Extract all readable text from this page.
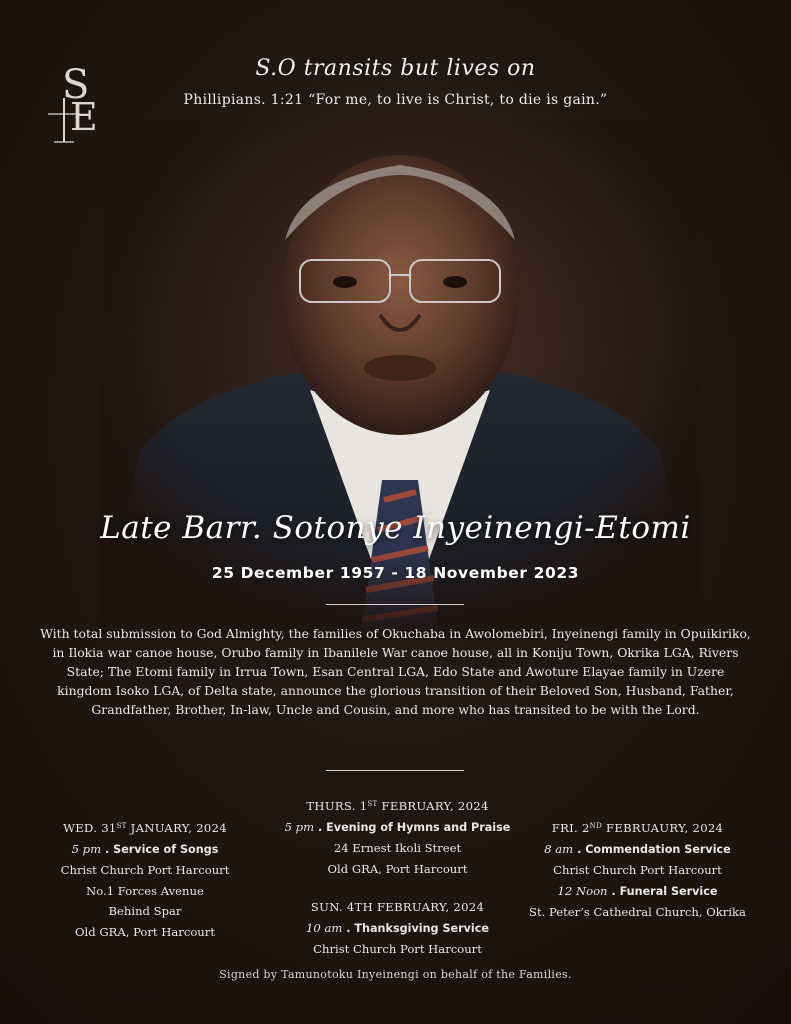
S
E
S.O transits but lives on
Phillipians. 1:21 “For me, to live is Christ, to die is gain.”
Late Barr. Sotonye Inyeinengi-Etomi
25 December 1957 - 18 November 2023
With total submission to God Almighty, the families of Okuchaba in Awolomebiri, Inyeinengi family in Opuikiriko, in Ilokia war canoe house, Orubo family in Ibanilele War canoe house, all in Koniju Town, Okrika LGA, Rivers State; The Etomi family in Irrua Town, Esan Central LGA, Edo State and Awoture Elayae family in Uzere kingdom Isoko LGA, of Delta state, announce the glorious transition of their Beloved Son, Husband, Father, Grandfather, Brother, In-law, Uncle and Cousin, and more who has transited to be with the Lord.
WED. 31ST JANUARY, 2024
5 pm . Service of Songs
Christ Church Port Harcourt
No.1 Forces Avenue
Behind Spar
Old GRA, Port Harcourt
THURS. 1ST FEBRUARY, 2024
5 pm . Evening of Hymns and Praise
24 Ernest Ikoli Street
Old GRA, Port Harcourt
SUN. 4TH FEBRUARY, 2024
10 am . Thanksgiving Service
Christ Church Port Harcourt
FRI. 2ND FEBRUAURY, 2024
8 am . Commendation Service
Christ Church Port Harcourt
12 Noon . Funeral Service
St. Peter’s Cathedral Church, Okrika
Signed by Tamunotoku Inyeinengi on behalf of the Families.
